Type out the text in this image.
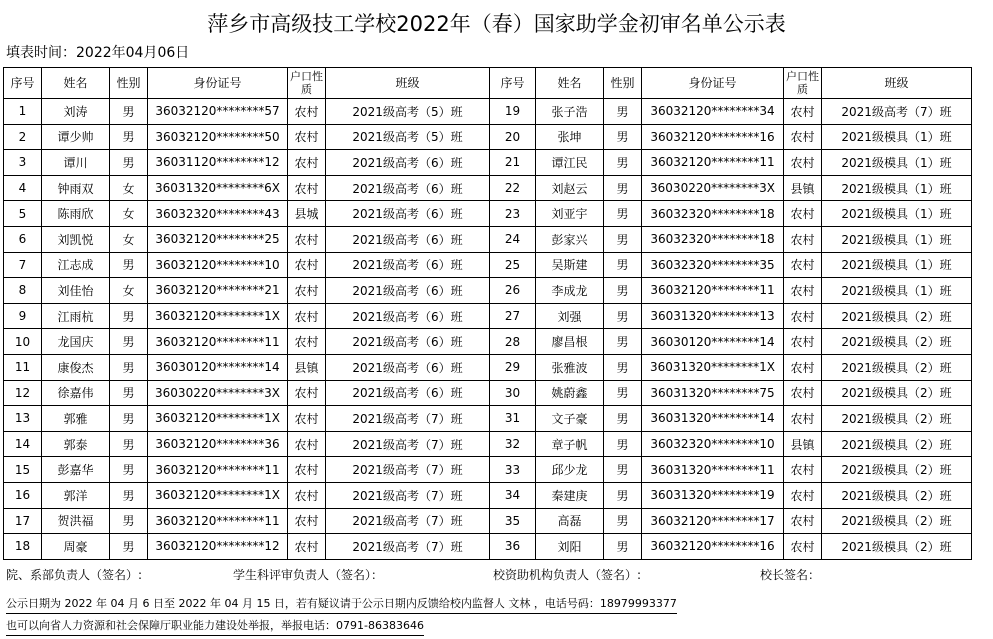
萍乡市高级技工学校2022年（春）国家助学金初审名单公示表
填表时间：2022年04月06日
序号	姓名	性别	身份证号	户口性质	班级	序号	姓名	性别	身份证号	户口性质	班级
1	刘涛	男	36032120********57	农村	2021级高考（5）班	19	张子浩	男	36032120********34	农村	2021级高考（7）班
2	谭少帅	男	36032120********50	农村	2021级高考（5）班	20	张坤	男	36032120********16	农村	2021级模具（1）班
3	谭川	男	36031120********12	农村	2021级高考（6）班	21	谭江民	男	36032120********11	农村	2021级模具（1）班
4	钟雨双	女	36031320********6X	农村	2021级高考（6）班	22	刘赵云	男	36030220********3X	县镇	2021级模具（1）班
5	陈雨欣	女	36032320********43	县城	2021级高考（6）班	23	刘亚宇	男	36032320********18	农村	2021级模具（1）班
6	刘凯悦	女	36032120********25	农村	2021级高考（6）班	24	彭家兴	男	36032320********18	农村	2021级模具（1）班
7	江志成	男	36032120********10	农村	2021级高考（6）班	25	吴斯建	男	36032320********35	农村	2021级模具（1）班
8	刘佳怡	女	36032120********21	农村	2021级高考（6）班	26	李成龙	男	36032120********11	农村	2021级模具（1）班
9	江雨杭	男	36032120********1X	农村	2021级高考（6）班	27	刘强	男	36031320********13	农村	2021级模具（2）班
10	龙国庆	男	36032120********11	农村	2021级高考（6）班	28	廖昌根	男	36030120********14	农村	2021级模具（2）班
11	康俊杰	男	36030120********14	县镇	2021级高考（6）班	29	张雅波	男	36031320********1X	农村	2021级模具（2）班
12	徐嘉伟	男	36030220********3X	农村	2021级高考（6）班	30	姚蔚鑫	男	36031320********75	农村	2021级模具（2）班
13	郭雅	男	36032120********1X	农村	2021级高考（7）班	31	文子豪	男	36031320********14	农村	2021级模具（2）班
14	郭泰	男	36032120********36	农村	2021级高考（7）班	32	章子帆	男	36032320********10	县镇	2021级模具（2）班
15	彭嘉华	男	36032120********11	农村	2021级高考（7）班	33	邱少龙	男	36031320********11	农村	2021级模具（2）班
16	郭洋	男	36032120********1X	农村	2021级高考（7）班	34	秦建庚	男	36031320********19	农村	2021级模具（2）班
17	贺洪福	男	36032120********11	农村	2021级高考（7）班	35	高磊	男	36032120********17	农村	2021级模具（2）班
18	周豪	男	36032120********12	农村	2021级高考（7）班	36	刘阳	男	36032120********16	农村	2021级模具（2）班
院、系部负责人（签名）:	学生科评审负责人（签名）：	校资助机构负责人（签名）:	校长签名：
公示日期为 2022 年 04 月 6 日至 2022 年 04 月 15 日，若有疑议请于公示日期内反馈给校内监督人 文林 ，电话号码：18979993377
也可以向省人力资源和社会保障厅职业能力建设处举报，举报电话：0791-86383646
